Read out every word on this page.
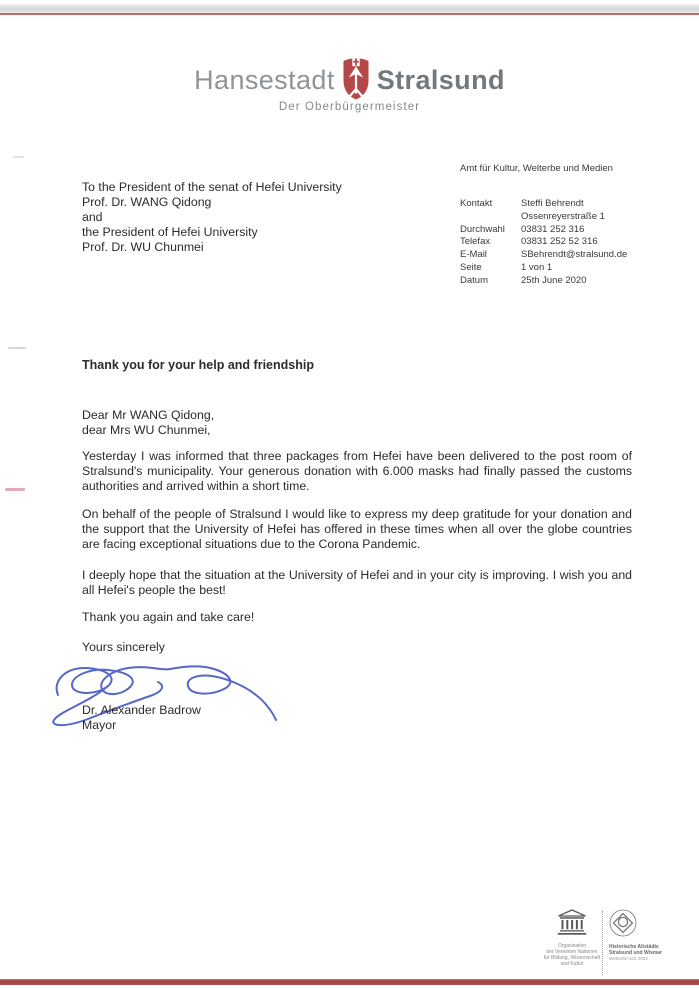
Hansestadt Stralsund
Der Oberbürgermeister
Amt für Kultur, Welterbe und Medien
To the President of the senat of Hefei University
Prof. Dr. WANG Qidong
and
the President of Hefei University
Prof. Dr. WU Chunmei
Kontakt	Steffi Behrendt
Ossenreyerstraße 1
Durchwahl	03831 252 316
Telefax	03831 252 52 316
E-Mail	SBehrendt@stralsund.de
Seite	1 von 1
Datum	25th June 2020
Thank you for your help and friendship
Dear Mr WANG Qidong,
dear Mrs WU Chunmei,

Yesterday I was informed that three packages from Hefei have been delivered to the post room of Stralsund's municipality. Your generous donation with 6.000 masks had finally passed the customs authorities and arrived within a short time.

On behalf of the people of Stralsund I would like to express my deep gratitude for your donation and the support that the University of Hefei has offered in these times when all over the globe countries are facing exceptional situations due to the Corona Pandemic.

I deeply hope that the situation at the University of Hefei and in your city is improving. I wish you and all Hefei's people the best!

Thank you again and take care!

Yours sincerely
Dr. Alexander Badrow
Mayor
Organisation
der Vereinten Nationen
für Bildung, Wissenschaft
und Kultur
Historische Altstädte
Stralsund und Wismar
Welterbe seit 2002
